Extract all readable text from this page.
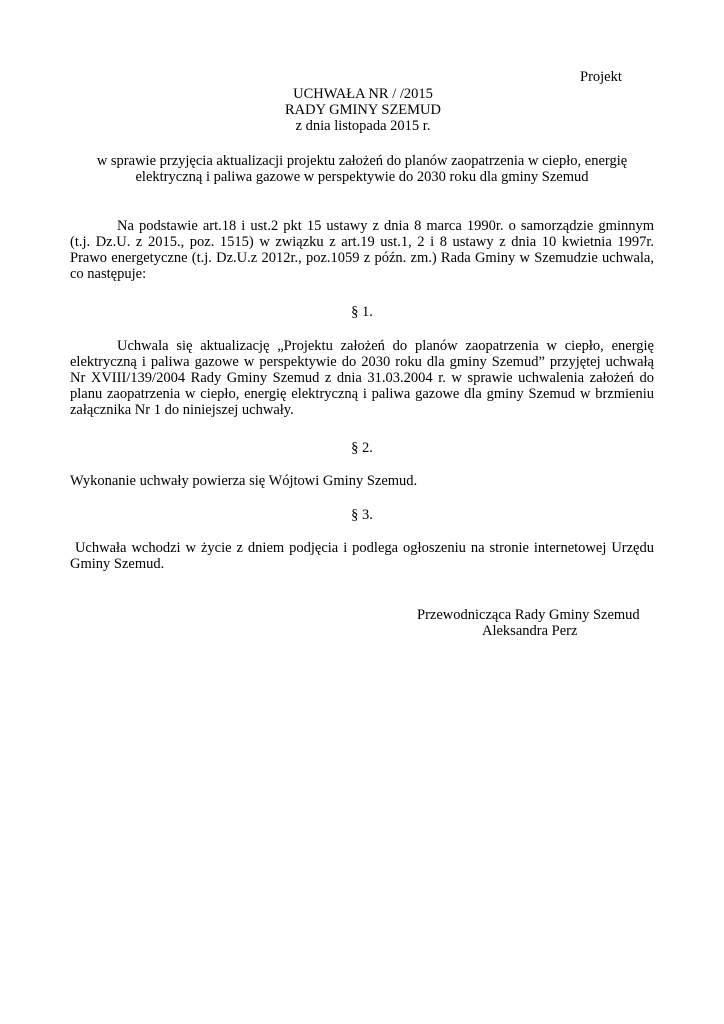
Projekt

UCHWAŁA NR / /2015
RADY GMINY SZEMUD
z dnia listopada 2015 r.
w sprawie przyjęcia aktualizacji projektu założeń do planów zaopatrzenia w ciepło, energię
elektryczną i paliwa gazowe w perspektywie do 2030 roku dla gminy Szemud
Na podstawie art.18 i ust.2 pkt 15 ustawy z dnia 8 marca 1990r. o samorządzie gminnym
(t.j. Dz.U. z 2015., poz. 1515) w związku z art.19 ust.1, 2 i 8 ustawy z dnia 10 kwietnia 1997r.
Prawo energetyczne (t.j. Dz.U.z 2012r., poz.1059 z późn. zm.) Rada Gminy w Szemudzie uchwala,
co następuje:

§ 1.

Uchwala się aktualizację „Projektu założeń do planów zaopatrzenia w ciepło, energię
elektryczną i paliwa gazowe w perspektywie do 2030 roku dla gminy Szemud” przyjętej uchwałą
Nr XVIII/139/2004 Rady Gminy Szemud z dnia 31.03.2004 r. w sprawie uchwalenia założeń do
planu zaopatrzenia w ciepło, energię elektryczną i paliwa gazowe dla gminy Szemud w brzmieniu
załącznika Nr 1 do niniejszej uchwały.

§ 2.

Wykonanie uchwały powierza się Wójtowi Gminy Szemud.

§ 3.

Uchwała wchodzi w życie z dniem podjęcia i podlega ogłoszeniu na stronie internetowej Urzędu
Gminy Szemud.
Przewodnicząca Rady Gminy Szemud
Aleksandra Perz
